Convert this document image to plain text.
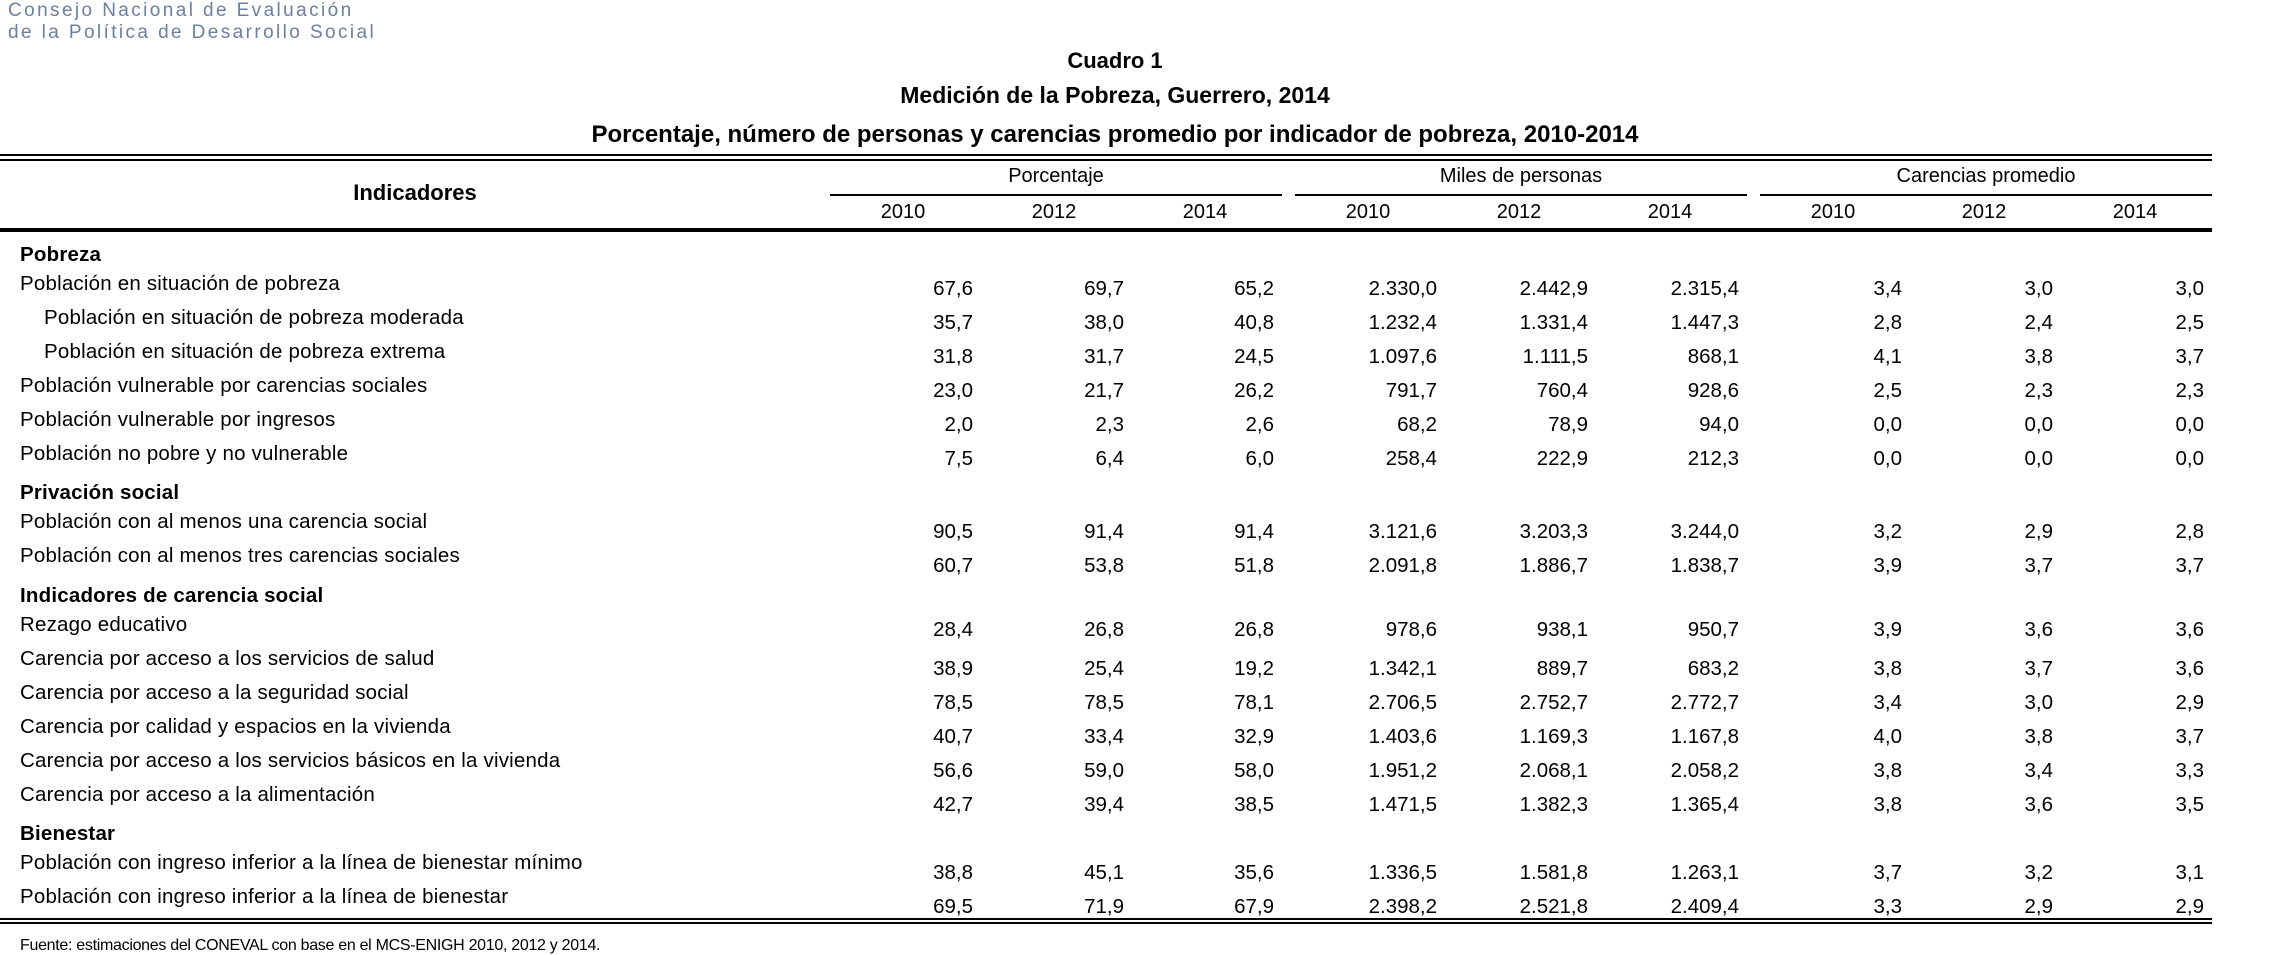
Consejo Nacional de Evaluación
de la Política de Desarrollo Social
Cuadro 1
Medición de la Pobreza, Guerrero, 2014
Porcentaje, número de personas y carencias promedio por indicador de pobreza, 2010-2014
Indicadores
Porcentaje	Miles de personas	Carencias promedio
2010	2012	2014	2010	2012	2014	2010	2012	2014
Pobreza
Población en situación de pobreza	67,6	69,7	65,2	2.330,0	2.442,9	2.315,4	3,4	3,0	3,0
Población en situación de pobreza moderada	35,7	38,0	40,8	1.232,4	1.331,4	1.447,3	2,8	2,4	2,5
Población en situación de pobreza extrema	31,8	31,7	24,5	1.097,6	1.111,5	868,1	4,1	3,8	3,7
Población vulnerable por carencias sociales	23,0	21,7	26,2	791,7	760,4	928,6	2,5	2,3	2,3
Población vulnerable por ingresos	2,0	2,3	2,6	68,2	78,9	94,0	0,0	0,0	0,0
Población no pobre y no vulnerable	7,5	6,4	6,0	258,4	222,9	212,3	0,0	0,0	0,0
Privación social
Población con al menos una carencia social	90,5	91,4	91,4	3.121,6	3.203,3	3.244,0	3,2	2,9	2,8
Población con al menos tres carencias sociales	60,7	53,8	51,8	2.091,8	1.886,7	1.838,7	3,9	3,7	3,7
Indicadores de carencia social
Rezago educativo	28,4	26,8	26,8	978,6	938,1	950,7	3,9	3,6	3,6
Carencia por acceso a los servicios de salud	38,9	25,4	19,2	1.342,1	889,7	683,2	3,8	3,7	3,6
Carencia por acceso a la seguridad social	78,5	78,5	78,1	2.706,5	2.752,7	2.772,7	3,4	3,0	2,9
Carencia por calidad y espacios en la vivienda	40,7	33,4	32,9	1.403,6	1.169,3	1.167,8	4,0	3,8	3,7
Carencia por acceso a los servicios básicos en la vivienda	56,6	59,0	58,0	1.951,2	2.068,1	2.058,2	3,8	3,4	3,3
Carencia por acceso a la alimentación	42,7	39,4	38,5	1.471,5	1.382,3	1.365,4	3,8	3,6	3,5
Bienestar
Población con ingreso inferior a la línea de bienestar mínimo	38,8	45,1	35,6	1.336,5	1.581,8	1.263,1	3,7	3,2	3,1
Población con ingreso inferior a la línea de bienestar	69,5	71,9	67,9	2.398,2	2.521,8	2.409,4	3,3	2,9	2,9
Fuente: estimaciones del CONEVAL con base en el MCS-ENIGH 2010, 2012 y 2014.
